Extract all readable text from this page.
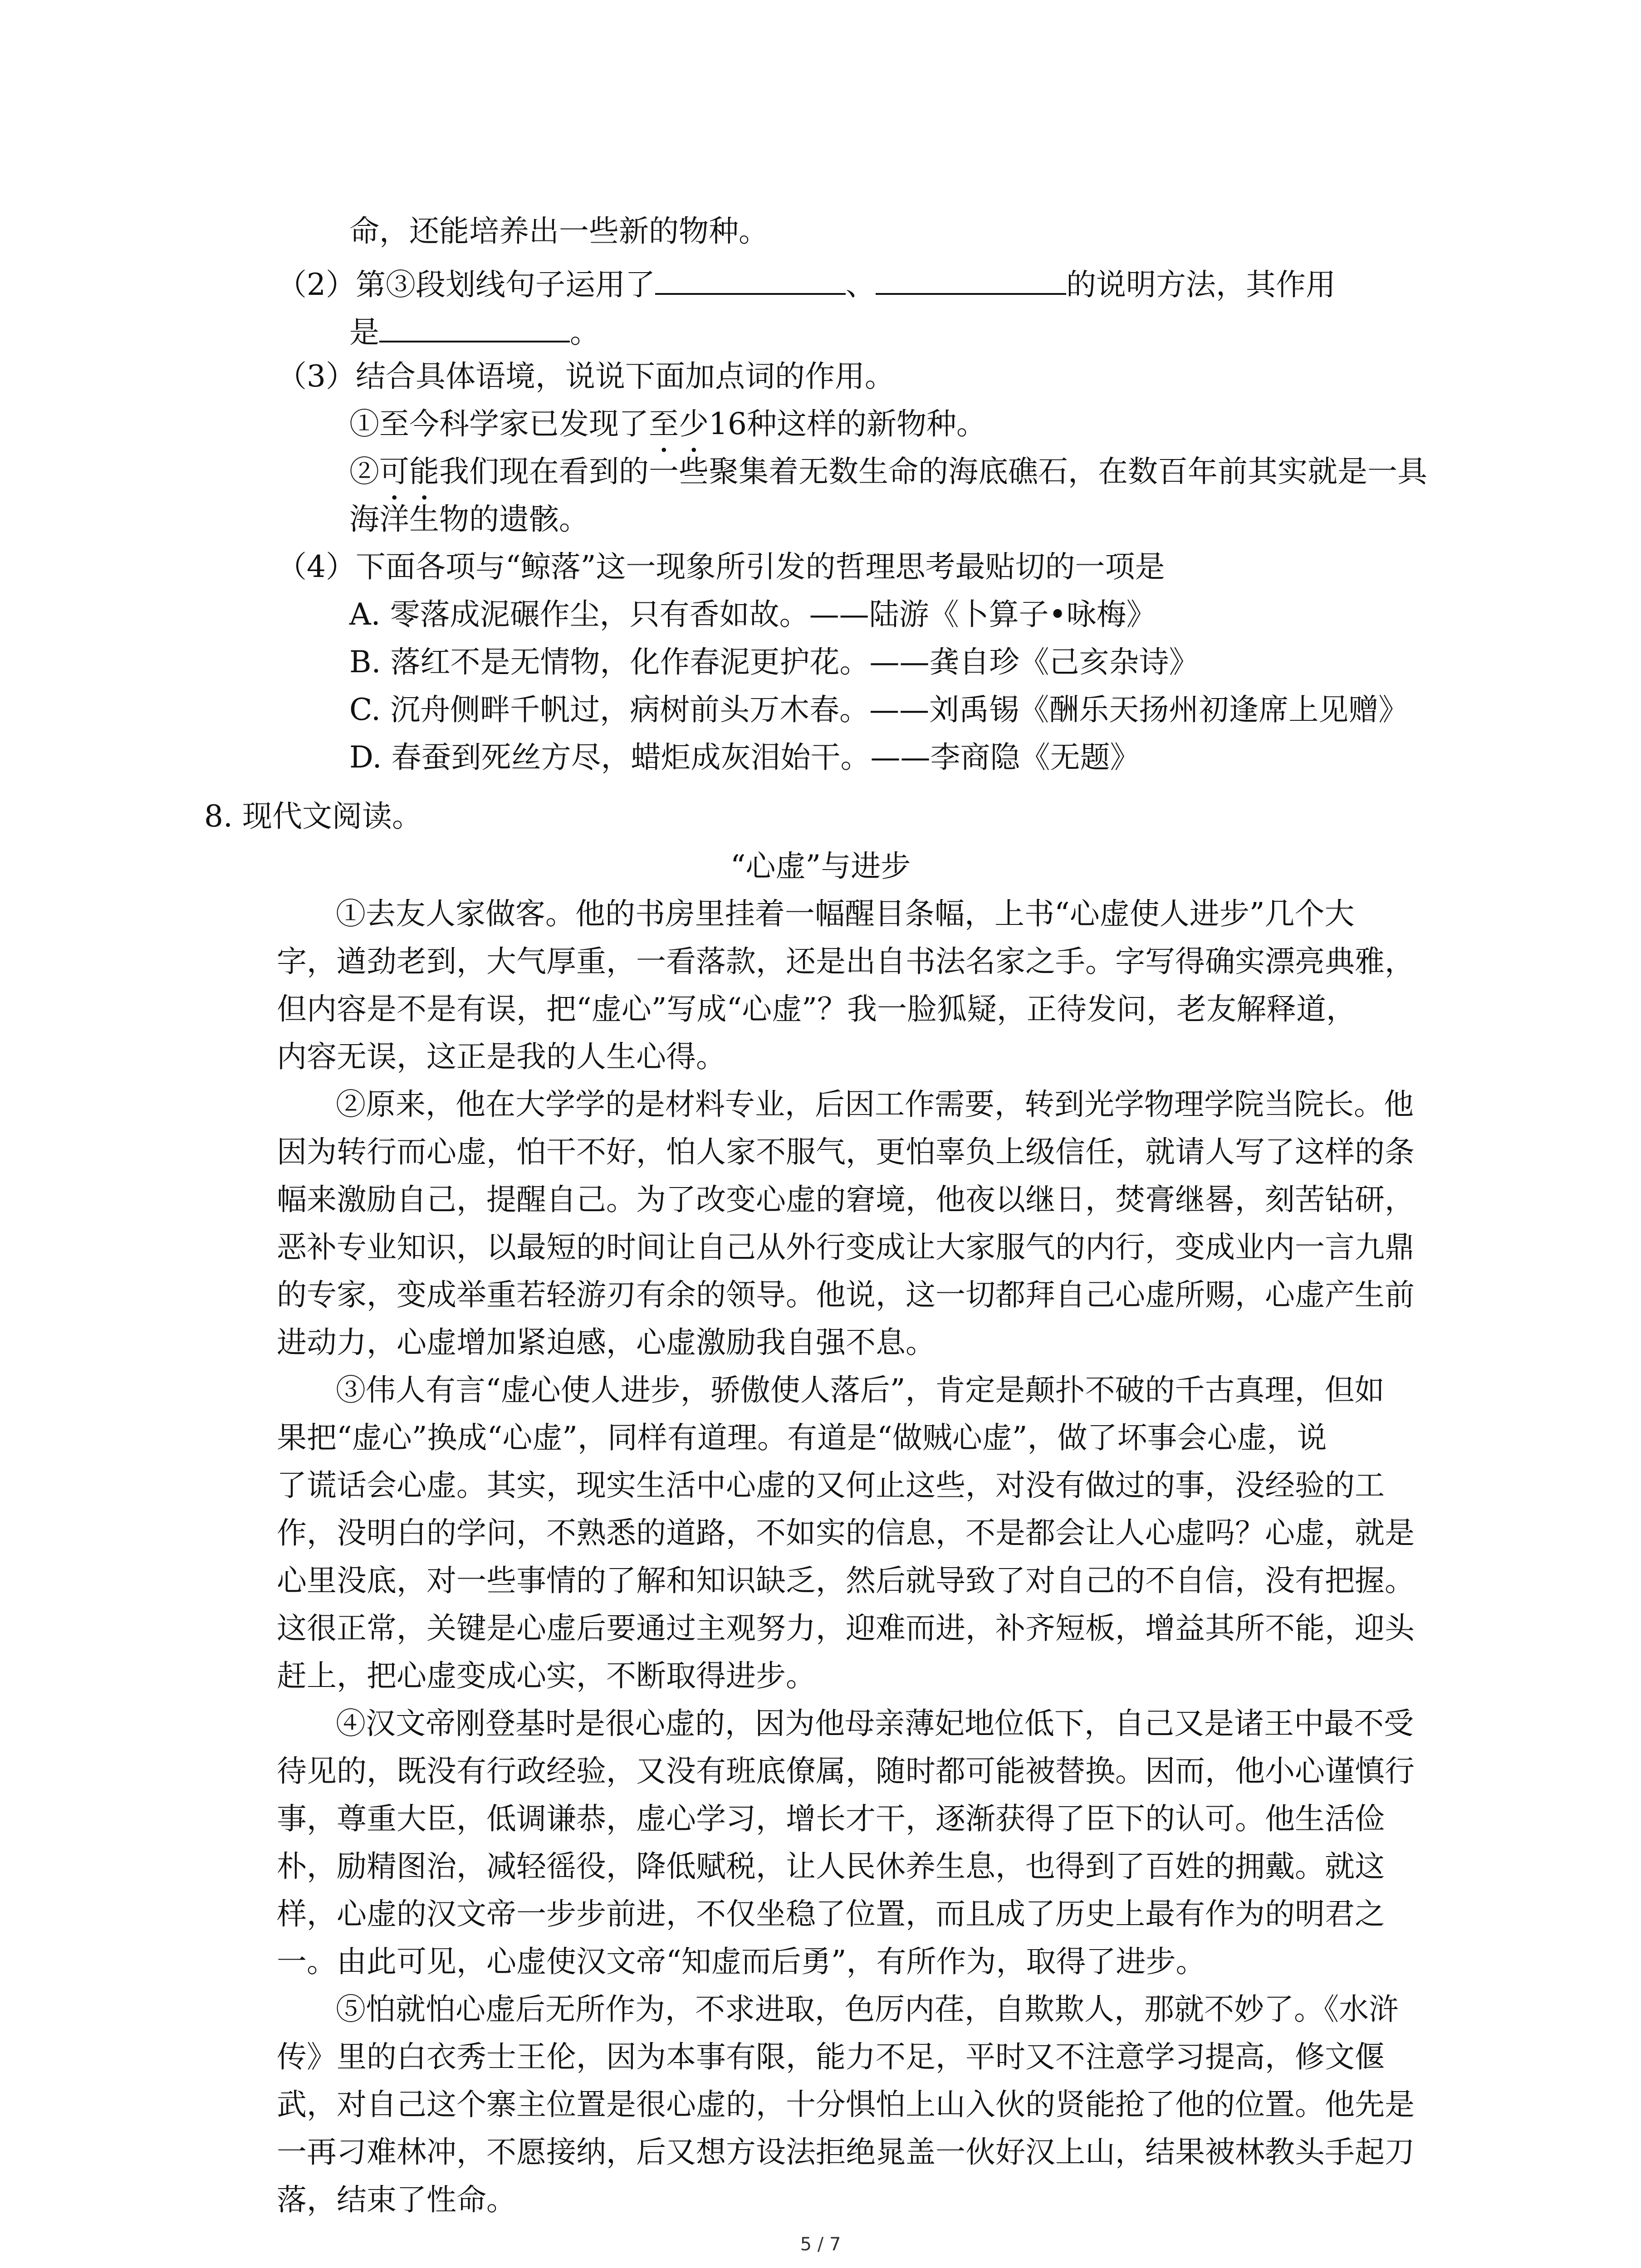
命，还能培养出一些新的物种。
（2）第③段划线句子运用了	、	的说明方法，其作用
是	。
（3）结合具体语境，说说下面加点词的作用。
①至今科学家已发现了至少16种这样的新物种。
②可能我们现在看到的一些聚集着无数生命的海底礁石，在数百年前其实就是一具
海洋生物的遗骸。
（4）下面各项与“鲸落”这一现象所引发的哲理思考最贴切的一项是
A. 零落成泥碾作尘，只有香如故。——陆游《卜算子•咏梅》
B. 落红不是无情物，化作春泥更护花。——龚自珍《己亥杂诗》
C. 沉舟侧畔千帆过，病树前头万木春。——刘禹锡《酬乐天扬州初逢席上见赠》
D. 春蚕到死丝方尽，蜡炬成灰泪始干。——李商隐《无题》
8. 现代文阅读。
“心虚”与进步
①去友人家做客。他的书房里挂着一幅醒目条幅，上书“心虚使人进步”几个大
字，遒劲老到，大气厚重，一看落款，还是出自书法名家之手。字写得确实漂亮典雅，
但内容是不是有误，把“虚心”写成“心虚”？我一脸狐疑，正待发问，老友解释道，
内容无误，这正是我的人生心得。
②原来，他在大学学的是材料专业，后因工作需要，转到光学物理学院当院长。他
因为转行而心虚，怕干不好，怕人家不服气，更怕辜负上级信任，就请人写了这样的条
幅来激励自己，提醒自己。为了改变心虚的窘境，他夜以继日，焚膏继晷，刻苦钻研，
恶补专业知识，以最短的时间让自己从外行变成让大家服气的内行，变成业内一言九鼎
的专家，变成举重若轻游刃有余的领导。他说，这一切都拜自己心虚所赐，心虚产生前
进动力，心虚增加紧迫感，心虚激励我自强不息。
③伟人有言“虚心使人进步，骄傲使人落后”，肯定是颠扑不破的千古真理，但如
果把“虚心”换成“心虚”，同样有道理。有道是“做贼心虚”，做了坏事会心虚，说
了谎话会心虚。其实，现实生活中心虚的又何止这些，对没有做过的事，没经验的工
作，没明白的学问，不熟悉的道路，不如实的信息，不是都会让人心虚吗？心虚，就是
心里没底，对一些事情的了解和知识缺乏，然后就导致了对自己的不自信，没有把握。
这很正常，关键是心虚后要通过主观努力，迎难而进，补齐短板，增益其所不能，迎头
赶上，把心虚变成心实，不断取得进步。
④汉文帝刚登基时是很心虚的，因为他母亲薄妃地位低下，自己又是诸王中最不受
待见的，既没有行政经验，又没有班底僚属，随时都可能被替换。因而，他小心谨慎行
事，尊重大臣，低调谦恭，虚心学习，增长才干，逐渐获得了臣下的认可。他生活俭
朴，励精图治，减轻徭役，降低赋税，让人民休养生息，也得到了百姓的拥戴。就这
样，心虚的汉文帝一步步前进，不仅坐稳了位置，而且成了历史上最有作为的明君之
一。由此可见，心虚使汉文帝“知虚而后勇”，有所作为，取得了进步。
⑤怕就怕心虚后无所作为，不求进取，色厉内荏，自欺欺人，那就不妙了。《水浒
传》里的白衣秀士王伦，因为本事有限，能力不足，平时又不注意学习提高，修文偃
武，对自己这个寨主位置是很心虚的，十分惧怕上山入伙的贤能抢了他的位置。他先是
一再刁难林冲，不愿接纳，后又想方设法拒绝晁盖一伙好汉上山，结果被林教头手起刀
落，结束了性命。
5 / 7
